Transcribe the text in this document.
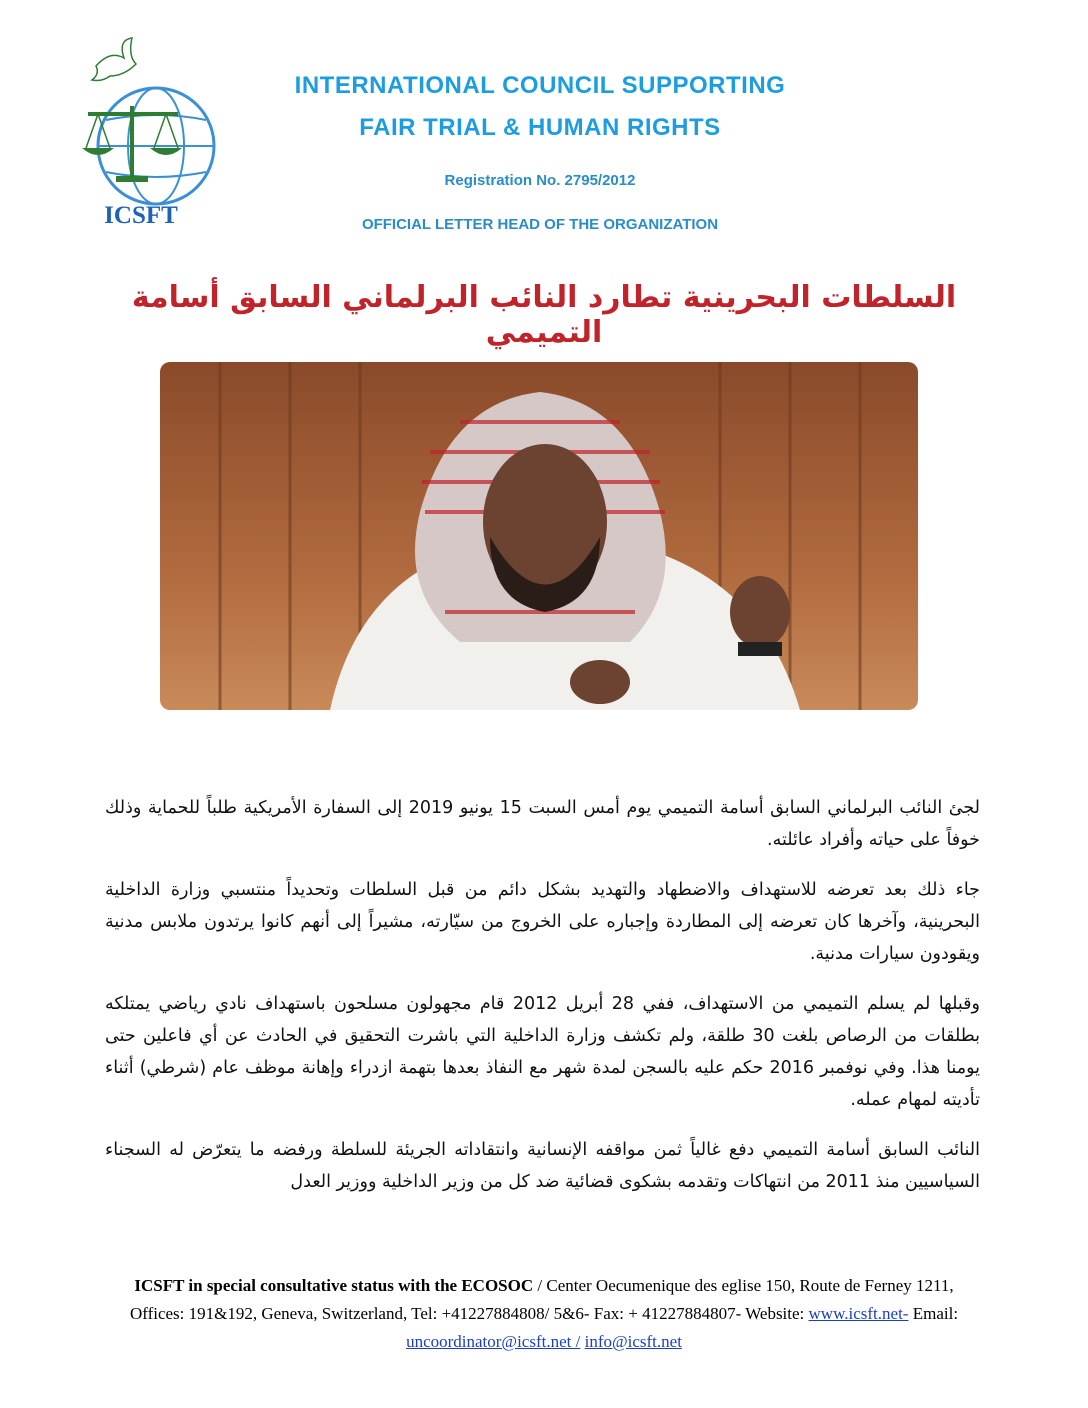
ICSFT
INTERNATIONAL COUNCIL SUPPORTING
FAIR TRIAL & HUMAN RIGHTS
Registration No. 2795/2012
OFFICIAL LETTER HEAD OF THE ORGANIZATION
السلطات البحرينية تطارد النائب البرلماني السابق أسامة التميمي

لجئ النائب البرلماني السابق أسامة التميمي يوم أمس السبت 15 يونيو 2019 إلى السفارة الأمريكية طلباً للحماية وذلك خوفاً على حياته وأفراد عائلته.

جاء ذلك بعد تعرضه للاستهداف والاضطهاد والتهديد بشكل دائم من قبل السلطات وتحديداً منتسبي وزارة الداخلية البحرينية، وآخرها كان تعرضه إلى المطاردة وإجباره على الخروج من سيّارته، مشيراً إلى أنهم كانوا يرتدون ملابس مدنية ويقودون سيارات مدنية.

وقبلها لم يسلم التميمي من الاستهداف، ففي 28 أبريل 2012 قام مجهولون مسلحون باستهداف نادي رياضي يمتلكه بطلقات من الرصاص بلغت 30 طلقة، ولم تكشف وزارة الداخلية التي باشرت التحقيق في الحادث عن أي فاعلين حتى يومنا هذا. وفي نوفمبر 2016 حكم عليه بالسجن لمدة شهر مع النفاذ بعدها بتهمة ازدراء وإهانة موظف عام (شرطي) أثناء تأديته لمهام عمله.

النائب السابق أسامة التميمي دفع غالياً ثمن مواقفه الإنسانية وانتقاداته الجريئة للسلطة ورفضه ما يتعرّض له السجناء السياسيين منذ 2011 من انتهاكات وتقدمه بشكوى قضائية ضد كل من وزير الداخلية ووزير العدل

ICSFT in special consultative status with the ECOSOC / Center Oecumenique des eglise 150, Route de Ferney 1211, Offices: 191&192, Geneva, Switzerland, Tel: +41227884808/ 5&6- Fax: + 41227884807- Website: www.icsft.net- Email: uncoordinator@icsft.net / info@icsft.net
